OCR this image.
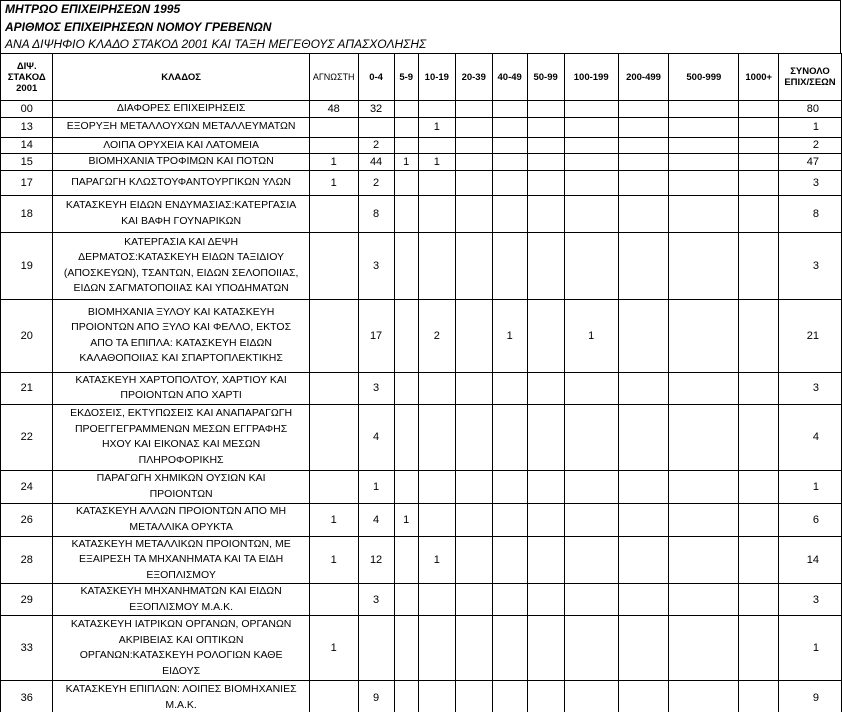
ΜΗΤΡΩΟ ΕΠΙΧΕΙΡΗΣΕΩΝ 1995
ΑΡΙΘΜΟΣ ΕΠΙΧΕΙΡΗΣΕΩΝ ΝΟΜΟΥ ΓΡΕΒΕΝΩΝ
ΑΝΑ ΔΙΨΗΦΙΟ ΚΛΑΔΟ ΣΤΑΚΟΔ 2001 ΚΑΙ ΤΑΞΗ ΜΕΓΕΘΟΥΣ ΑΠΑΣΧΟΛΗΣΗΣ
ΔΙΨ.
ΣΤΑΚΟΔ
2001	ΚΛΑΔΟΣ	ΑΓΝΩΣΤΗ	0-4	5-9	10-19	20-39	40-49	50-99	100-199	200-499	500-999	1000+	ΣΥΝΟΛΟ
ΕΠΙΧ/ΣΕΩΝ
00	ΔΙΑΦΟΡΕΣ ΕΠΙΧΕΙΡΗΣΕΙΣ	48	32										80
13	ΕΞΟΡΥΞΗ ΜΕΤΑΛΛΟΥΧΩΝ ΜΕΤΑΛΛΕΥΜΑΤΩΝ				1								1
14	ΛΟΙΠΑ ΟΡΥΧΕΙΑ ΚΑΙ ΛΑΤΟΜΕΙΑ		2										2
15	ΒΙΟΜΗΧΑΝΙΑ ΤΡΟΦΙΜΩΝ ΚΑΙ ΠΟΤΩΝ	1	44	1	1								47
17	ΠΑΡΑΓΩΓΗ ΚΛΩΣΤΟΥΦΑΝΤΟΥΡΓΙΚΩΝ ΥΛΩΝ	1	2										3
18	ΚΑΤΑΣΚΕΥΗ ΕΙΔΩΝ ΕΝΔΥΜΑΣΙΑΣ:ΚΑΤΕΡΓΑΣΙΑ
ΚΑΙ ΒΑΦΗ ΓΟΥΝΑΡΙΚΩΝ		8										8
19	ΚΑΤΕΡΓΑΣΙΑ ΚΑΙ ΔΕΨΗ
ΔΕΡΜΑΤΟΣ:ΚΑΤΑΣΚΕΥΗ ΕΙΔΩΝ ΤΑΞΙΔΙΟΥ
(ΑΠΟΣΚΕΥΩΝ), ΤΣΑΝΤΩΝ, ΕΙΔΩΝ ΣΕΛΟΠΟΙΙΑΣ,
ΕΙΔΩΝ ΣΑΓΜΑΤΟΠΟΙΙΑΣ ΚΑΙ ΥΠΟΔΗΜΑΤΩΝ		3										3
20	ΒΙΟΜΗΧΑΝΙΑ ΞΥΛΟΥ ΚΑΙ ΚΑΤΑΣΚΕΥΗ
ΠΡΟΙΟΝΤΩΝ ΑΠΟ ΞΥΛΟ ΚΑΙ ΦΕΛΛΟ, ΕΚΤΟΣ
ΑΠΟ ΤΑ ΕΠΙΠΛΑ: ΚΑΤΑΣΚΕΥΗ ΕΙΔΩΝ
ΚΑΛΑΘΟΠΟΙΙΑΣ ΚΑΙ ΣΠΑΡΤΟΠΛΕΚΤΙΚΗΣ		17		2		1		1				21
21	ΚΑΤΑΣΚΕΥΗ ΧΑΡΤΟΠΟΛΤΟΥ, ΧΑΡΤΙΟΥ ΚΑΙ
ΠΡΟΙΟΝΤΩΝ ΑΠΟ ΧΑΡΤΙ		3										3
22	ΕΚΔΟΣΕΙΣ, ΕΚΤΥΠΩΣΕΙΣ ΚΑΙ ΑΝΑΠΑΡΑΓΩΓΗ
ΠΡΟΕΓΓΕΓΡΑΜΜΕΝΩΝ ΜΕΣΩΝ ΕΓΓΡΑΦΗΣ
ΗΧΟΥ ΚΑΙ ΕΙΚΟΝΑΣ ΚΑΙ ΜΕΣΩΝ
ΠΛΗΡΟΦΟΡΙΚΗΣ		4										4
24	ΠΑΡΑΓΩΓΗ ΧΗΜΙΚΩΝ ΟΥΣΙΩΝ ΚΑΙ
ΠΡΟΙΟΝΤΩΝ		1										1
26	ΚΑΤΑΣΚΕΥΗ ΑΛΛΩΝ ΠΡΟΙΟΝΤΩΝ ΑΠΟ ΜΗ
ΜΕΤΑΛΛΙΚΑ ΟΡΥΚΤΑ	1	4	1									6
28	ΚΑΤΑΣΚΕΥΗ ΜΕΤΑΛΛΙΚΩΝ ΠΡΟΙΟΝΤΩΝ, ΜΕ
ΕΞΑΙΡΕΣΗ ΤΑ ΜΗΧΑΝΗΜΑΤΑ ΚΑΙ ΤΑ ΕΙΔΗ
ΕΞΟΠΛΙΣΜΟΥ	1	12		1								14
29	ΚΑΤΑΣΚΕΥΗ ΜΗΧΑΝΗΜΑΤΩΝ ΚΑΙ ΕΙΔΩΝ
ΕΞΟΠΛΙΣΜΟΥ Μ.Α.Κ.		3										3
33	ΚΑΤΑΣΚΕΥΗ ΙΑΤΡΙΚΩΝ ΟΡΓΑΝΩΝ, ΟΡΓΑΝΩΝ
ΑΚΡΙΒΕΙΑΣ ΚΑΙ ΟΠΤΙΚΩΝ
ΟΡΓΑΝΩΝ:ΚΑΤΑΣΚΕΥΗ ΡΟΛΟΓΙΩΝ ΚΑΘΕ
ΕΙΔΟΥΣ	1											1
36	ΚΑΤΑΣΚΕΥΗ ΕΠΙΠΛΩΝ: ΛΟΙΠΕΣ ΒΙΟΜΗΧΑΝΙΕΣ
Μ.Α.Κ.		9										9
